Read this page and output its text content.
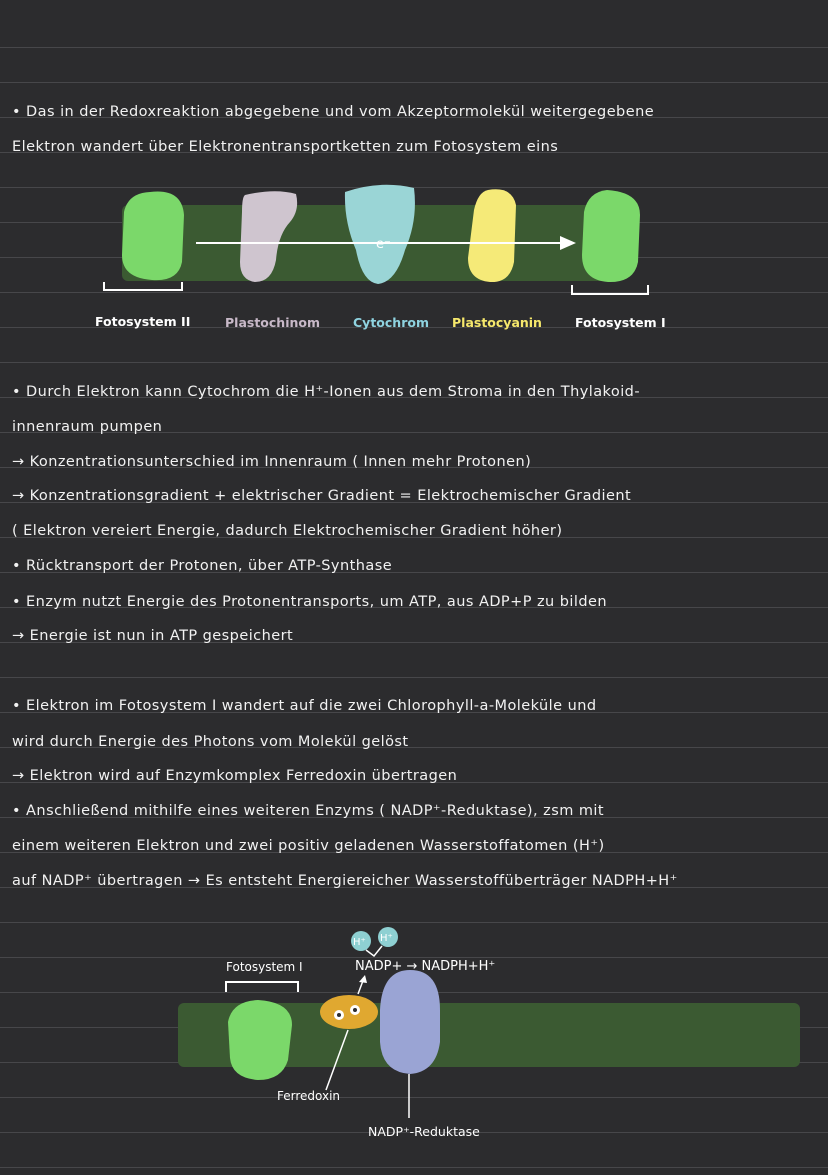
• Das in der Redoxreaktion abgegebene und vom Akzeptormolekül weitergegebene
Elektron wandert über Elektronentransportketten zum Fotosystem eins
e⁻
Fotosystem II	Plastochinom	Cytochrom Plastocyanin	Fotosystem I
• Durch Elektron kann Cytochrom die H⁺-Ionen aus dem Stroma in den Thylakoid-
innenraum pumpen
→ Konzentrationsunterschied im Innenraum ( Innen mehr Protonen)
→ Konzentrationsgradient + elektrischer Gradient = Elektrochemischer Gradient
( Elektron vereiert Energie, dadurch Elektrochemischer Gradient höher)
• Rücktransport der Protonen, über ATP-Synthase
• Enzym nutzt Energie des Protonentransports, um ATP, aus ADP+P zu bilden
→ Energie ist nun in ATP gespeichert
• Elektron im Fotosystem I wandert auf die zwei Chlorophyll-a-Moleküle und
wird durch Energie des Photons vom Molekül gelöst
→ Elektron wird auf Enzymkomplex Ferredoxin übertragen
• Anschließend mithilfe eines weiteren Enzyms ( NADP⁺-Reduktase), zsm mit
einem weiteren Elektron und zwei positiv geladenen Wasserstoffatomen (H⁺)
auf NADP⁺ übertragen → Es entsteht Energiereicher Wasserstoffüberträger NADPH+H⁺
H⁺ H⁺
Fotosystem I	NADP+ → NADPH+H⁺
Ferredoxin
NADP⁺-Reduktase
